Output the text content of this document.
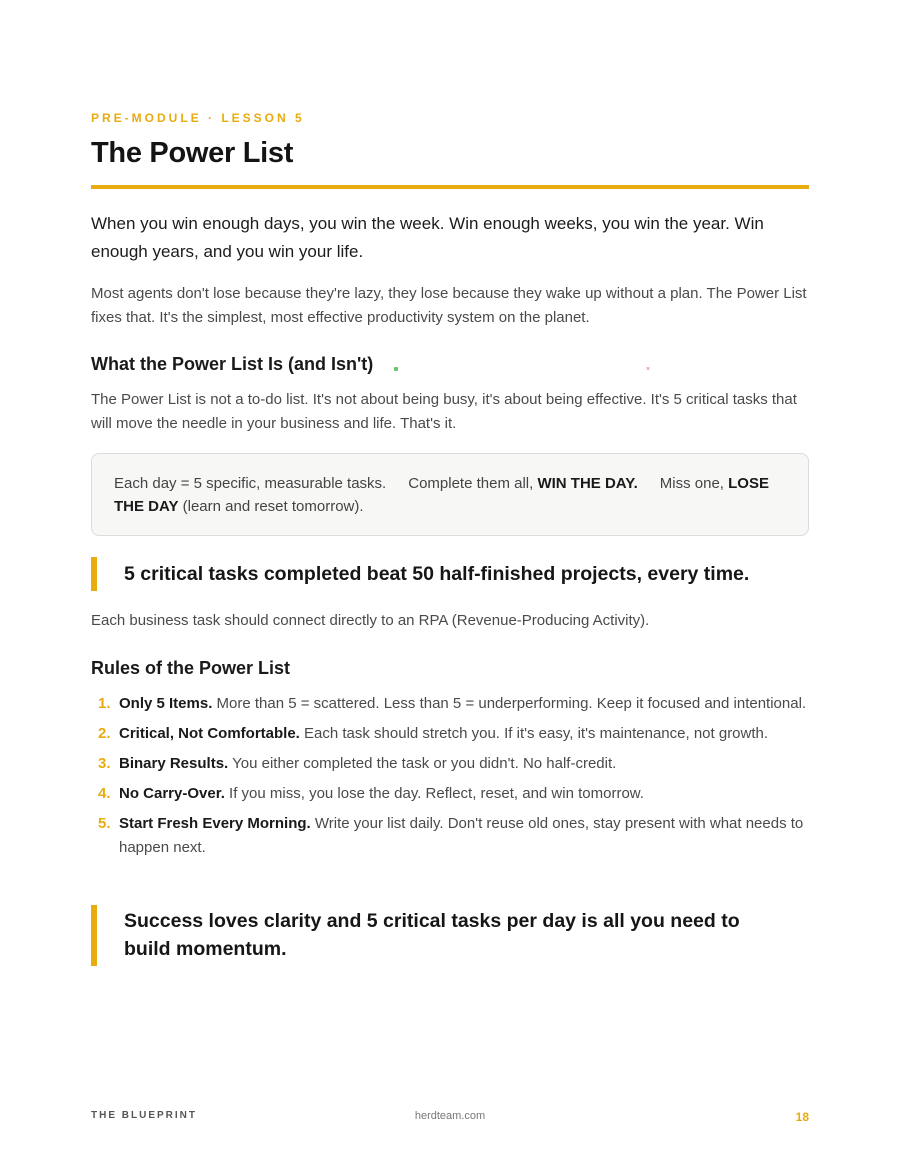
PRE-MODULE · LESSON 5
The Power List

When you win enough days, you win the week. Win enough weeks, you win the year. Win enough years, and you win your life.

Most agents don't lose because they're lazy, they lose because they wake up without a plan. The Power List fixes that. It's the simplest, most effective productivity system on the planet.

What the Power List Is (and Isn't)	×

The Power List is not a to-do list. It's not about being busy, it's about being effective. It's 5 critical tasks that will move the needle in your business and life. That's it.

Each day = 5 specific, measurable tasks. Complete them all, WIN THE DAY. Miss one, LOSE THE DAY (learn and reset tomorrow).
5 critical tasks completed beat 50 half-finished projects, every time.

Each business task should connect directly to an RPA (Revenue-Producing Activity).

Rules of the Power List
1. Only 5 Items. More than 5 = scattered. Less than 5 = underperforming. Keep it focused and intentional.
2. Critical, Not Comfortable. Each task should stretch you. If it's easy, it's maintenance, not growth.
3. Binary Results. You either completed the task or you didn't. No half-credit.
4. No Carry-Over. If you miss, you lose the day. Reflect, reset, and win tomorrow.
5. Start Fresh Every Morning. Write your list daily. Don't reuse old ones, stay present with what needs to happen next.
Success loves clarity and 5 critical tasks per day is all you need to build momentum.
THE BLUEPRINT	herdteam.com	18
